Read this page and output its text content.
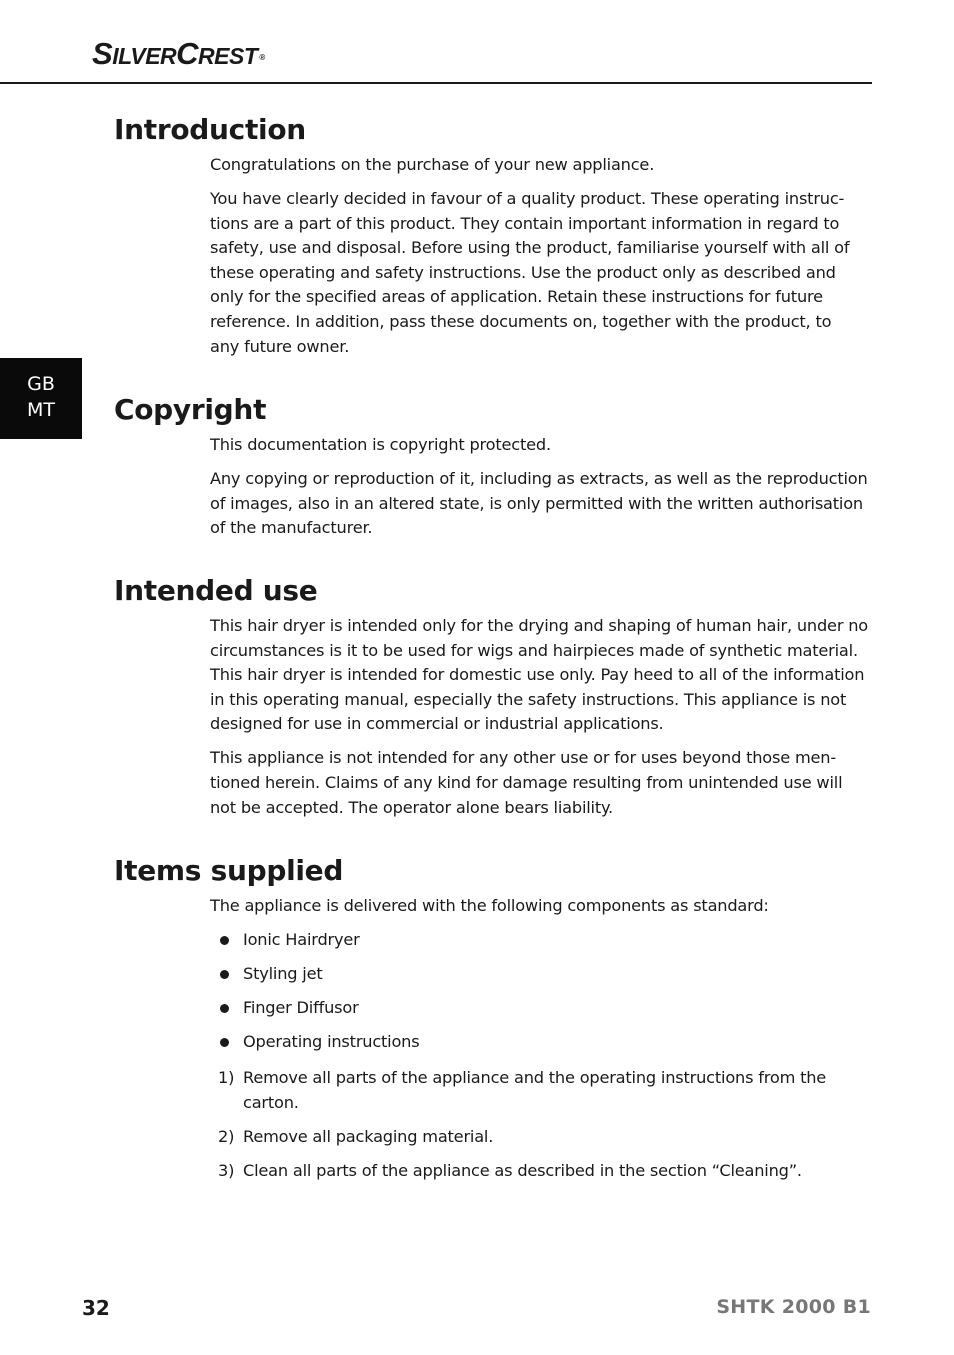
SILVERCREST ®
GB
MT
Introduction

Congratulations on the purchase of your new appliance.

You have clearly decided in favour of a quality product. These operating instruc-
tions are a part of this product. They contain important information in regard to
safety, use and disposal. Before using the product, familiarise yourself with all of
these operating and safety instructions. Use the product only as described and
only for the specified areas of application. Retain these instructions for future
reference. In addition, pass these documents on, together with the product, to
any future owner.

Copyright

This documentation is copyright protected.

Any copying or reproduction of it, including as extracts, as well as the reproduction
of images, also in an altered state, is only permitted with the written authorisation
of the manufacturer.

Intended use

This hair dryer is intended only for the drying and shaping of human hair, under no
circumstances is it to be used for wigs and hairpieces made of synthetic material.
This hair dryer is intended for domestic use only. Pay heed to all of the information
in this operating manual, especially the safety instructions. This appliance is not
designed for use in commercial or industrial applications.

This appliance is not intended for any other use or for uses beyond those men-
tioned herein. Claims of any kind for damage resulting from unintended use will
not be accepted. The operator alone bears liability.

Items supplied

The appliance is delivered with the following components as standard:

Ionic Hairdryer
Styling jet
Finger Diffusor
Operating instructions
1) Remove all parts of the appliance and the operating instructions from the
carton.
2) Remove all packaging material.
3) Clean all parts of the appliance as described in the section “Cleaning”.
32	SHTK 2000 B1
